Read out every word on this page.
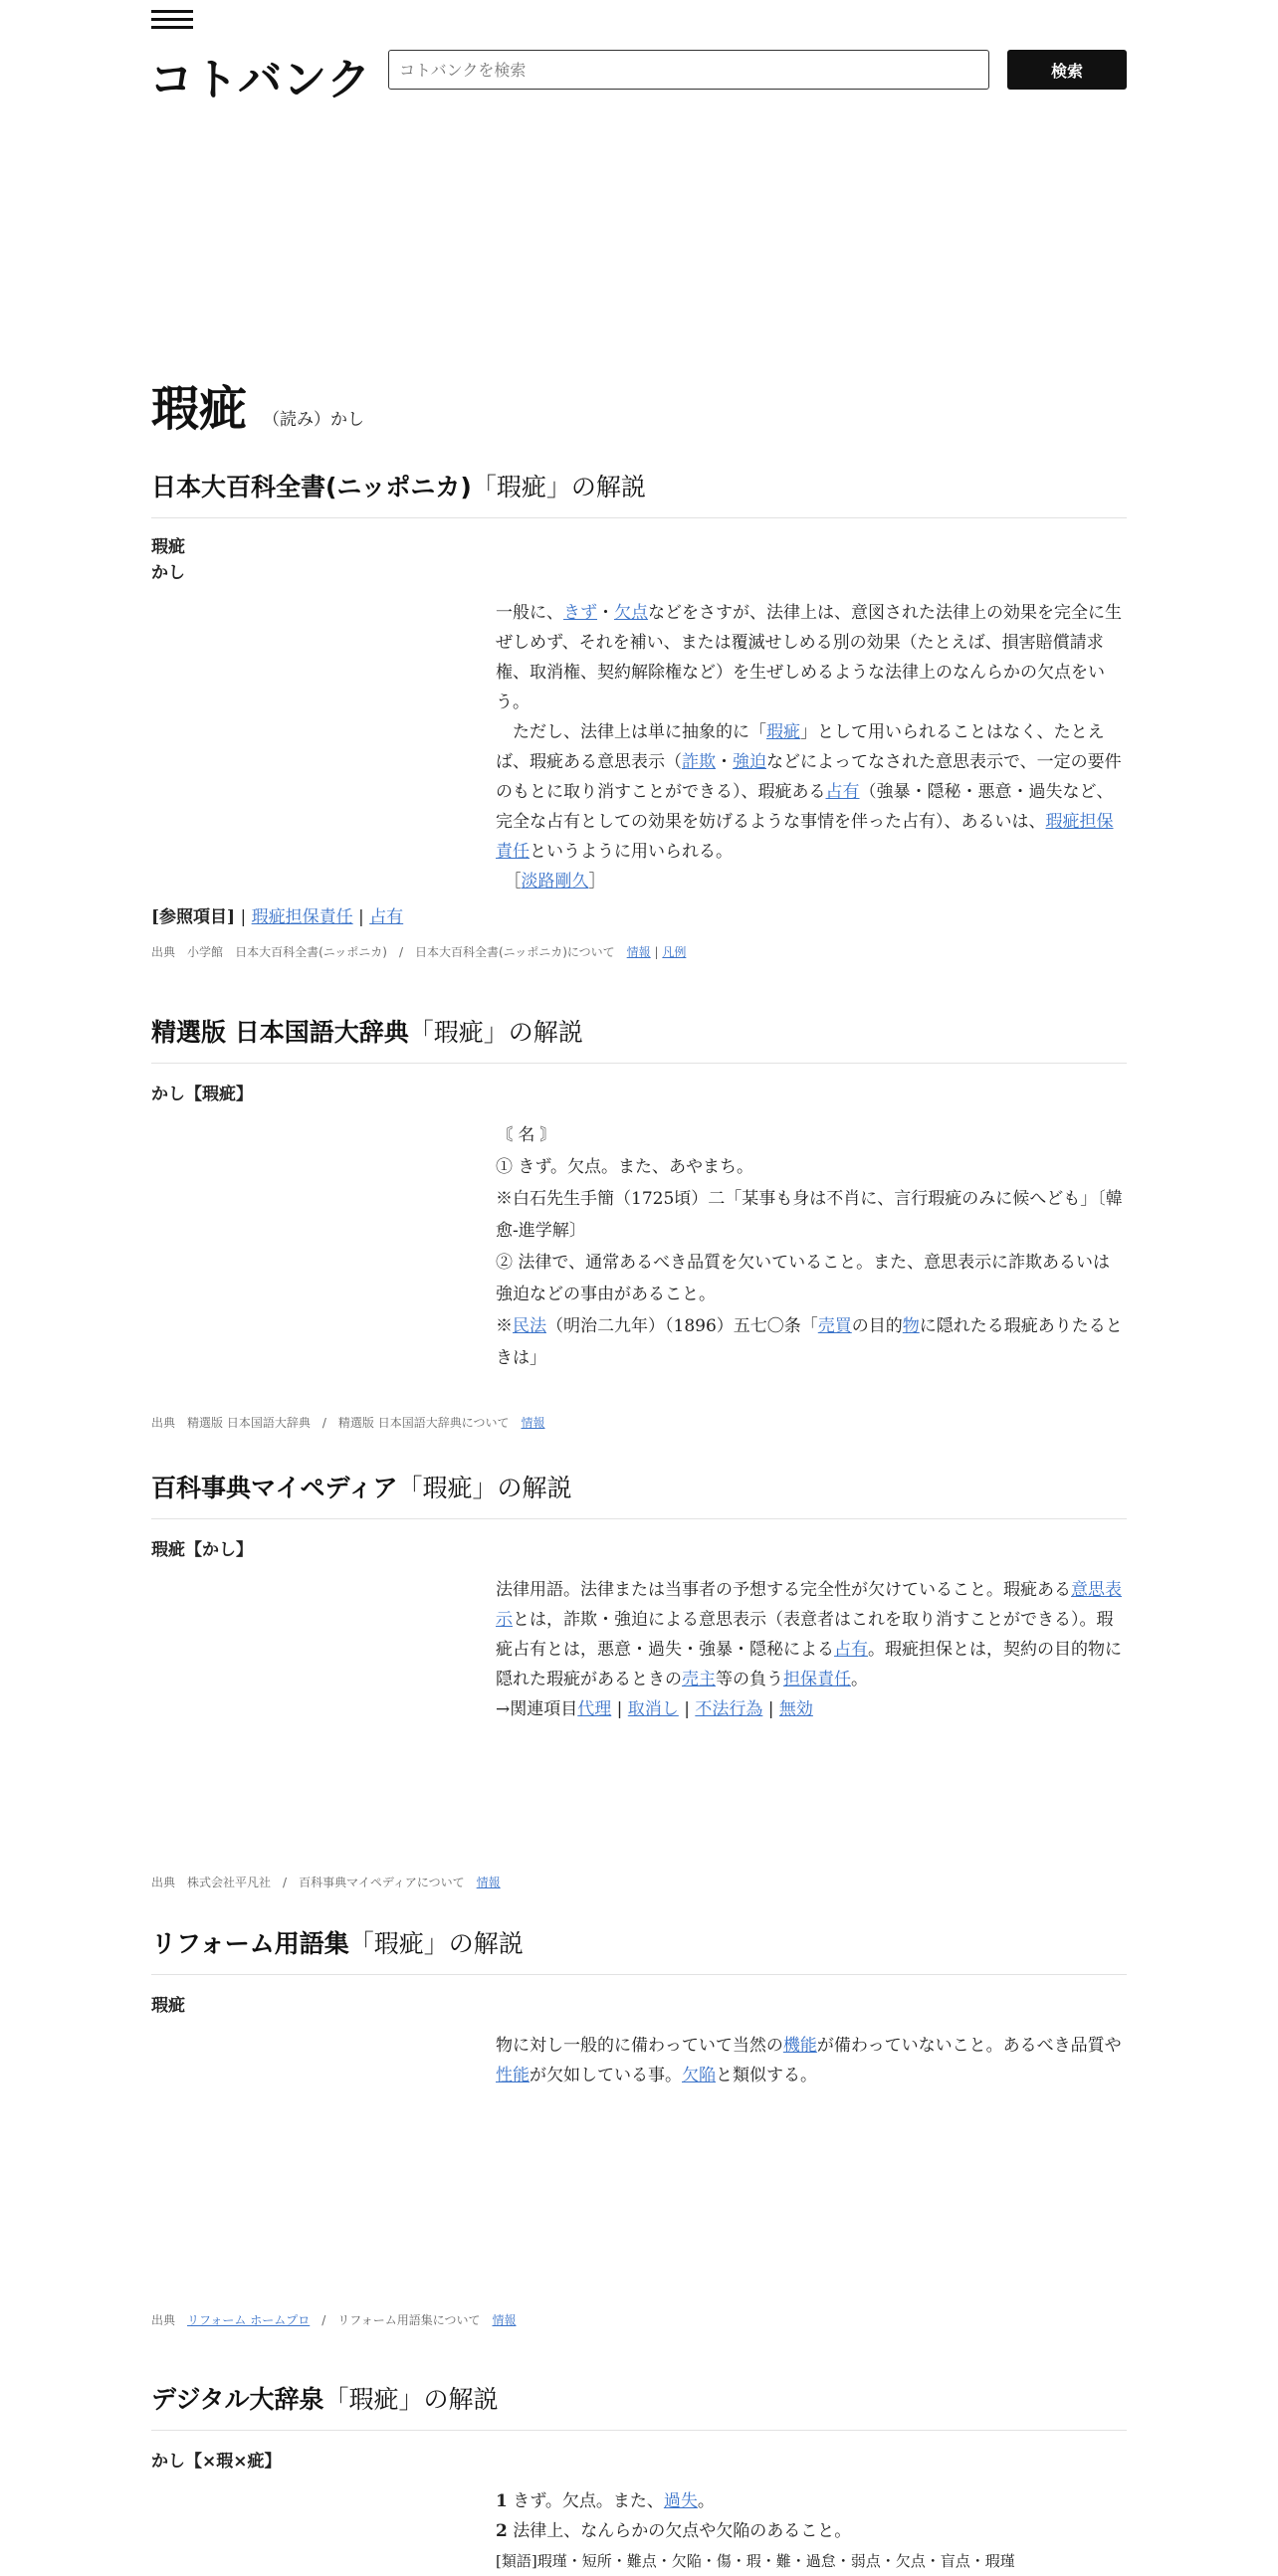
コトバンク
コトバンクを検索	検索
瑕疵 （読み）かし
日本大百科全書(ニッポニカ)「瑕疵」の解説
瑕疵
かし

一般に、きず・欠点などをさすが、法律上は、意図された法律上の効果を完全に生ぜしめず、それを補い、または覆滅せしめる別の効果（たとえば、損害賠償請求権、取消権、契約解除権など）を生ぜしめるような法律上のなんらかの欠点をいう。

　ただし、法律上は単に抽象的に「瑕疵」として用いられることはなく、たとえば、瑕疵ある意思表示（詐欺・強迫などによってなされた意思表示で、一定の要件のもとに取り消すことができる）、瑕疵ある占有（強暴・隠秘・悪意・過失など、完全な占有としての効果を妨げるような事情を伴った占有）、あるいは、瑕疵担保責任というように用いられる。

　［淡路剛久］

[参照項目] | 瑕疵担保責任 | 占有
出典　 小学館　 日本大百科全書(ニッポニカ)　/　日本大百科全書(ニッポニカ)について　 情報 | 凡例
精選版 日本国語大辞典「瑕疵」の解説
かし【瑕疵】

〘 名 〙

① きず。欠点。また、あやまち。

※白石先生手簡（1725頃）二「某事も身は不肖に、言行瑕疵のみに候へども」〔韓愈‐進学解〕

② 法律で、通常あるべき品質を欠いていること。また、意思表示に詐欺あるいは強迫などの事由があること。

※民法（明治二九年）（1896）五七〇条「売買の目的物に隠れたる瑕疵ありたるときは」

出典　 精選版 日本国語大辞典　/　精選版 日本国語大辞典について　 情報
百科事典マイペディア「瑕疵」の解説
瑕疵【かし】

法律用語。法律または当事者の予想する完全性が欠けていること。瑕疵ある意思表示とは，詐欺・強迫による意思表示（表意者はこれを取り消すことができる）。瑕疵占有とは，悪意・過失・強暴・隠秘による占有。瑕疵担保とは，契約の目的物に隠れた瑕疵があるときの売主等の負う担保責任。

→関連項目代理 | 取消し | 不法行為 | 無効

出典　 株式会社平凡社　/　百科事典マイペディアについて　 情報
リフォーム用語集「瑕疵」の解説
瑕疵

物に対し一般的に備わっていて当然の機能が備わっていないこと。あるべき品質や性能が欠如している事。欠陥と類似する。

出典　 リフォーム ホームプロ　/　リフォーム用語集について　 情報
デジタル大辞泉「瑕疵」の解説
かし【×瑕×疵】

1 きず。欠点。また、過失。

2 法律上、なんらかの欠点や欠陥のあること。

[類語]瑕瑾・短所・難点・欠陥・傷・瑕・難・過怠・弱点・欠点・盲点・瑕瑾
